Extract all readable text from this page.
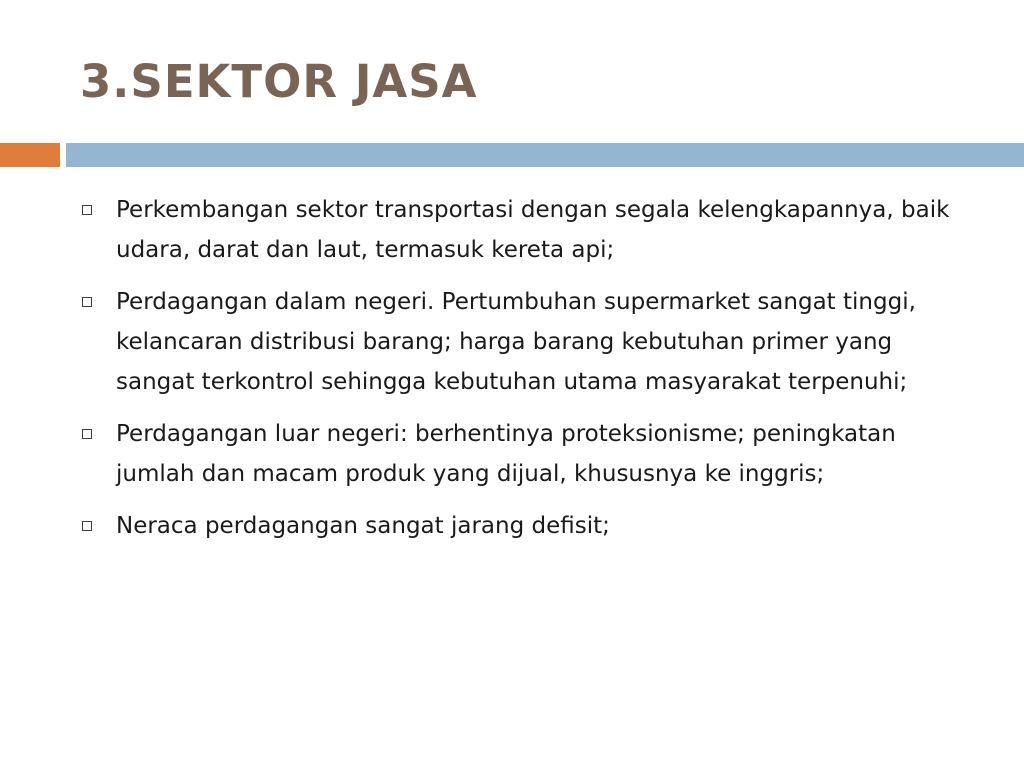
3.SEKTOR JASA
Perkembangan sektor transportasi dengan segala kelengkapannya, baik udara, darat dan laut, termasuk kereta api;
Perdagangan dalam negeri. Pertumbuhan supermarket sangat tinggi, kelancaran distribusi barang; harga barang kebutuhan primer yang sangat terkontrol sehingga kebutuhan utama masyarakat terpenuhi;
Perdagangan luar negeri: berhentinya proteksionisme; peningkatan jumlah dan macam produk yang dijual, khususnya ke inggris;
Neraca perdagangan sangat jarang defisit;
